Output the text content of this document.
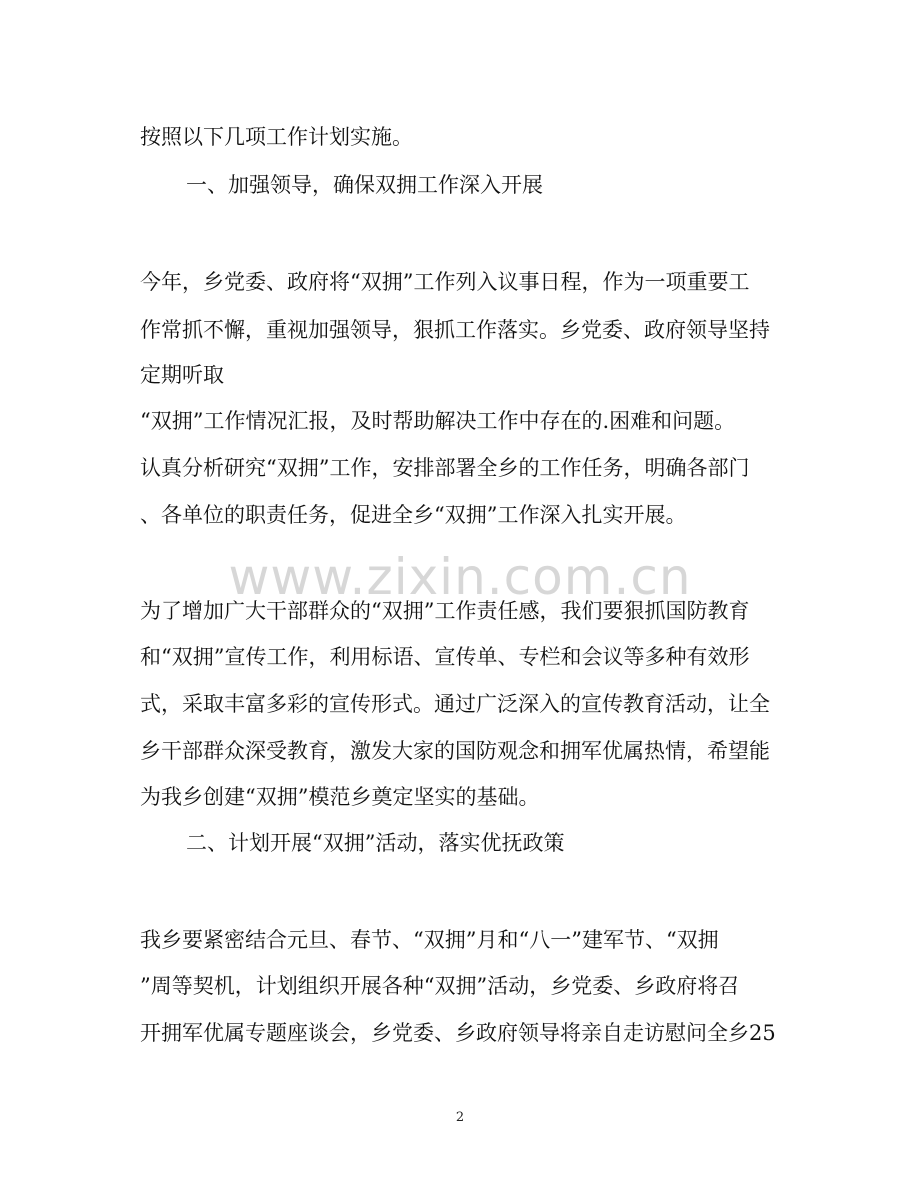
www.zixin.com.cn
按照以下几项工作计划实施。
一、加强领导，确保双拥工作深入开展
今年，乡党委、政府将“双拥”工作列入议事日程，作为一项重要工
作常抓不懈，重视加强领导，狠抓工作落实。乡党委、政府领导坚持
定期听取
“双拥”工作情况汇报，及时帮助解决工作中存在的.困难和问题。
认真分析研究“双拥”工作，安排部署全乡的工作任务，明确各部门
、各单位的职责任务，促进全乡“双拥”工作深入扎实开展。
为了增加广大干部群众的“双拥”工作责任感，我们要狠抓国防教育
和“双拥”宣传工作，利用标语、宣传单、专栏和会议等多种有效形
式，采取丰富多彩的宣传形式。通过广泛深入的宣传教育活动，让全
乡干部群众深受教育，激发大家的国防观念和拥军优属热情，希望能
为我乡创建“双拥”模范乡奠定坚实的基础。
二、计划开展“双拥”活动，落实优抚政策
我乡要紧密结合元旦、春节、“双拥”月和“八一”建军节、“双拥
”周等契机，计划组织开展各种“双拥”活动，乡党委、乡政府将召
开拥军优属专题座谈会，乡党委、乡政府领导将亲自走访慰问全乡25
2
